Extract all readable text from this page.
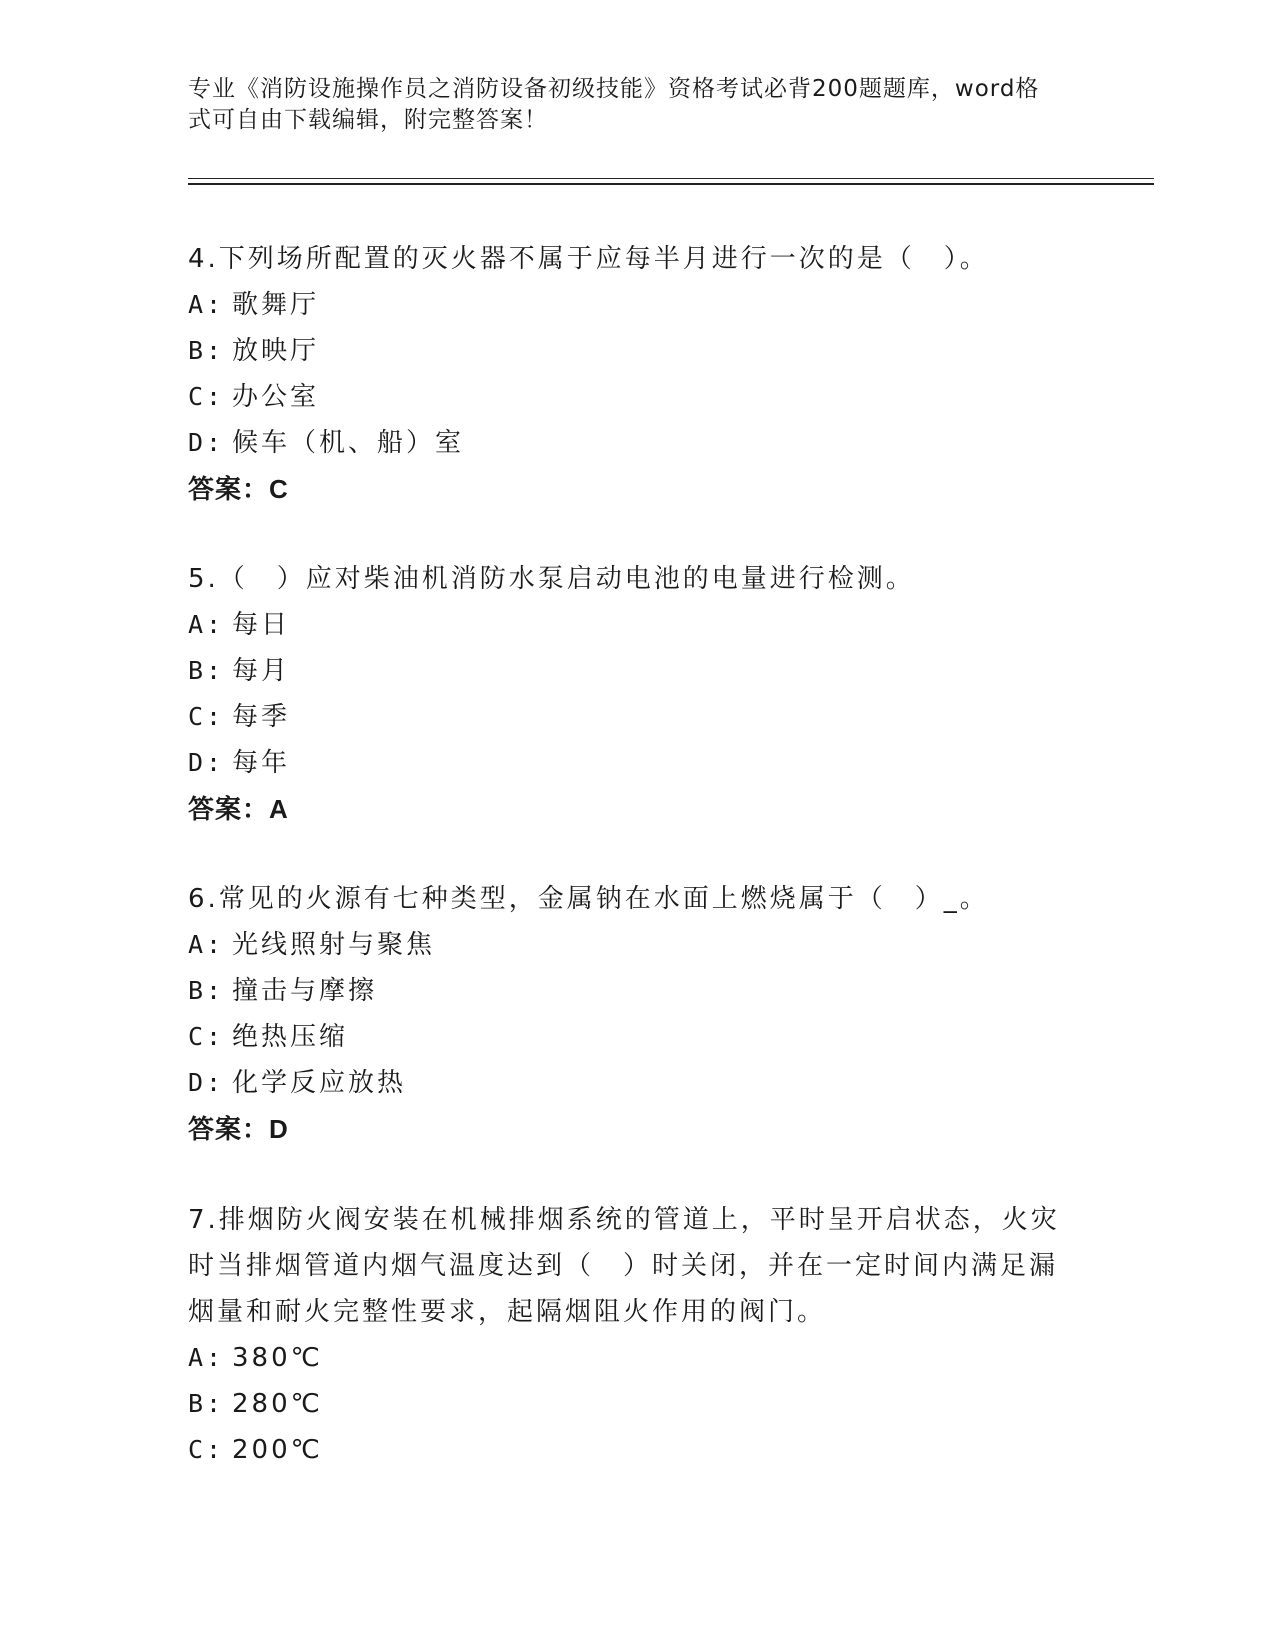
专业《消防设施操作员之消防设备初级技能》资格考试必背200题题库，word格
式可自由下载编辑，附完整答案！
4.下列场所配置的灭火器不属于应每半月进行一次的是（　）。
A: 歌舞厅
B: 放映厅
C: 办公室
D: 候车（机、船）室
答案：C
5.（　）应对柴油机消防水泵启动电池的电量进行检测。
A: 每日
B: 每月
C: 每季
D: 每年
答案：A
6.常见的火源有七种类型，金属钠在水面上燃烧属于（　）_。
A: 光线照射与聚焦
B: 撞击与摩擦
C: 绝热压缩
D: 化学反应放热
答案：D
7.排烟防火阀安装在机械排烟系统的管道上，平时呈开启状态，火灾
时当排烟管道内烟气温度达到（　）时关闭，并在一定时间内满足漏
烟量和耐火完整性要求，起隔烟阻火作用的阀门。
A: 380℃
B: 280℃
C: 200℃
